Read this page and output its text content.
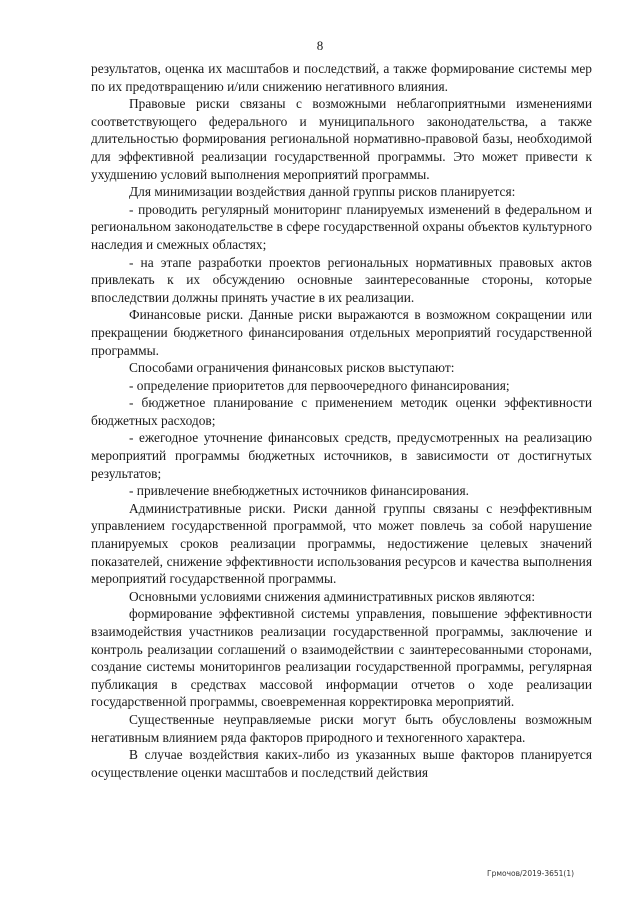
8

результатов, оценка их масштабов и последствий, а также формирование системы мер по их предотвращению и/или снижению негативного влияния.

Правовые риски связаны с возможными неблагоприятными изменениями соответствующего федерального и муниципального законодательства, а также длительностью формирования региональной нормативно-правовой базы, необходимой для эффективной реализации государственной программы. Это может привести к ухудшению условий выполнения мероприятий программы.

Для минимизации воздействия данной группы рисков планируется:

- проводить регулярный мониторинг планируемых изменений в федеральном и региональном законодательстве в сфере государственной охраны объектов культурного наследия и смежных областях;

- на этапе разработки проектов региональных нормативных правовых актов привлекать к их обсуждению основные заинтересованные стороны, которые впоследствии должны принять участие в их реализации.

Финансовые риски. Данные риски выражаются в возможном сокращении или прекращении бюджетного финансирования отдельных мероприятий государственной программы.

Способами ограничения финансовых рисков выступают:

- определение приоритетов для первоочередного финансирования;

- бюджетное планирование с применением методик оценки эффективности бюджетных расходов;

- ежегодное уточнение финансовых средств, предусмотренных на реализацию мероприятий программы бюджетных источников, в зависимости от достигнутых результатов;

- привлечение внебюджетных источников финансирования.

Административные риски. Риски данной группы связаны с неэффективным управлением государственной программой, что может повлечь за собой нарушение планируемых сроков реализации программы, недостижение целевых значений показателей, снижение эффективности использования ресурсов и качества выполнения мероприятий государственной программы.

Основными условиями снижения административных рисков являются:

формирование эффективной системы управления, повышение эффективности взаимодействия участников реализации государственной программы, заключение и контроль реализации соглашений о взаимодействии с заинтересованными сторонами, создание системы мониторингов реализации государственной программы, регулярная публикация в средствах массовой информации отчетов о ходе реализации государственной программы, своевременная корректировка мероприятий.

Существенные неуправляемые риски могут быть обусловлены возможным негативным влиянием ряда факторов природного и техногенного характера.

В случае воздействия каких-либо из указанных выше факторов планируется осуществление оценки масштабов и последствий действия

Грмочов/2019-3651(1)
